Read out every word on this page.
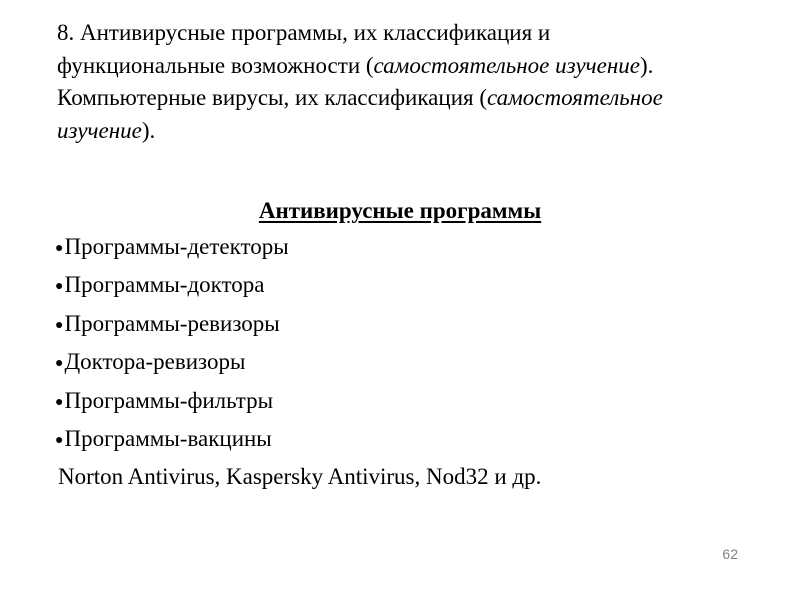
8. Антивирусные программы, их классификация и функциональные возможности (самостоятельное изучение). Компьютерные вирусы, их классификация (самостоятельное изучение).

Антивирусные программы

●Программы-детекторы
●Программы-доктора
●Программы-ревизоры
●Доктора-ревизоры
●Программы-фильтры
●Программы-вакцины

Norton Antivirus, Kaspersky Antivirus, Nod32 и др.

62
